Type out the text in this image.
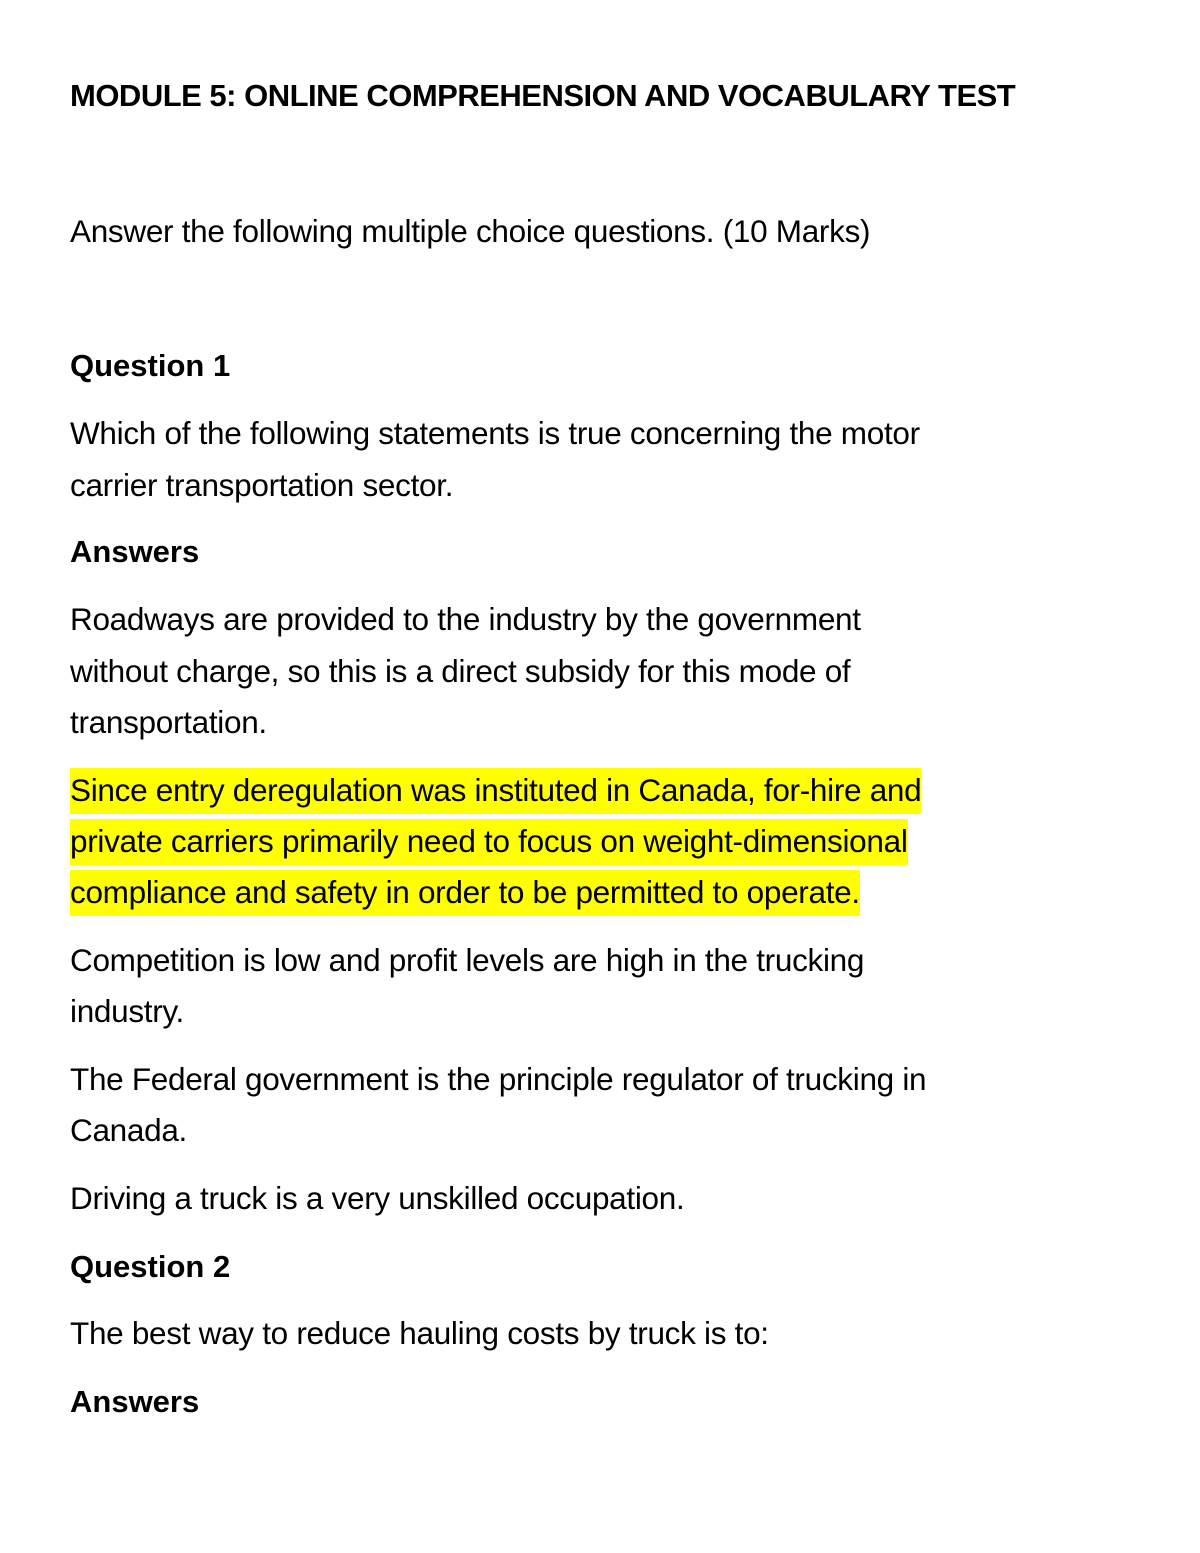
MODULE 5: ONLINE COMPREHENSION AND VOCABULARY TEST

Answer the following multiple choice questions. (10 Marks)

Question 1

Which of the following statements is true concerning the motor

carrier transportation sector.

Answers

Roadways are provided to the industry by the government

without charge, so this is a direct subsidy for this mode of

transportation.

Since entry deregulation was instituted in Canada, for-hire and

private carriers primarily need to focus on weight-dimensional

compliance and safety in order to be permitted to operate.

Competition is low and profit levels are high in the trucking

industry.

The Federal government is the principle regulator of trucking in

Canada.

Driving a truck is a very unskilled occupation.

Question 2

The best way to reduce hauling costs by truck is to:

Answers
